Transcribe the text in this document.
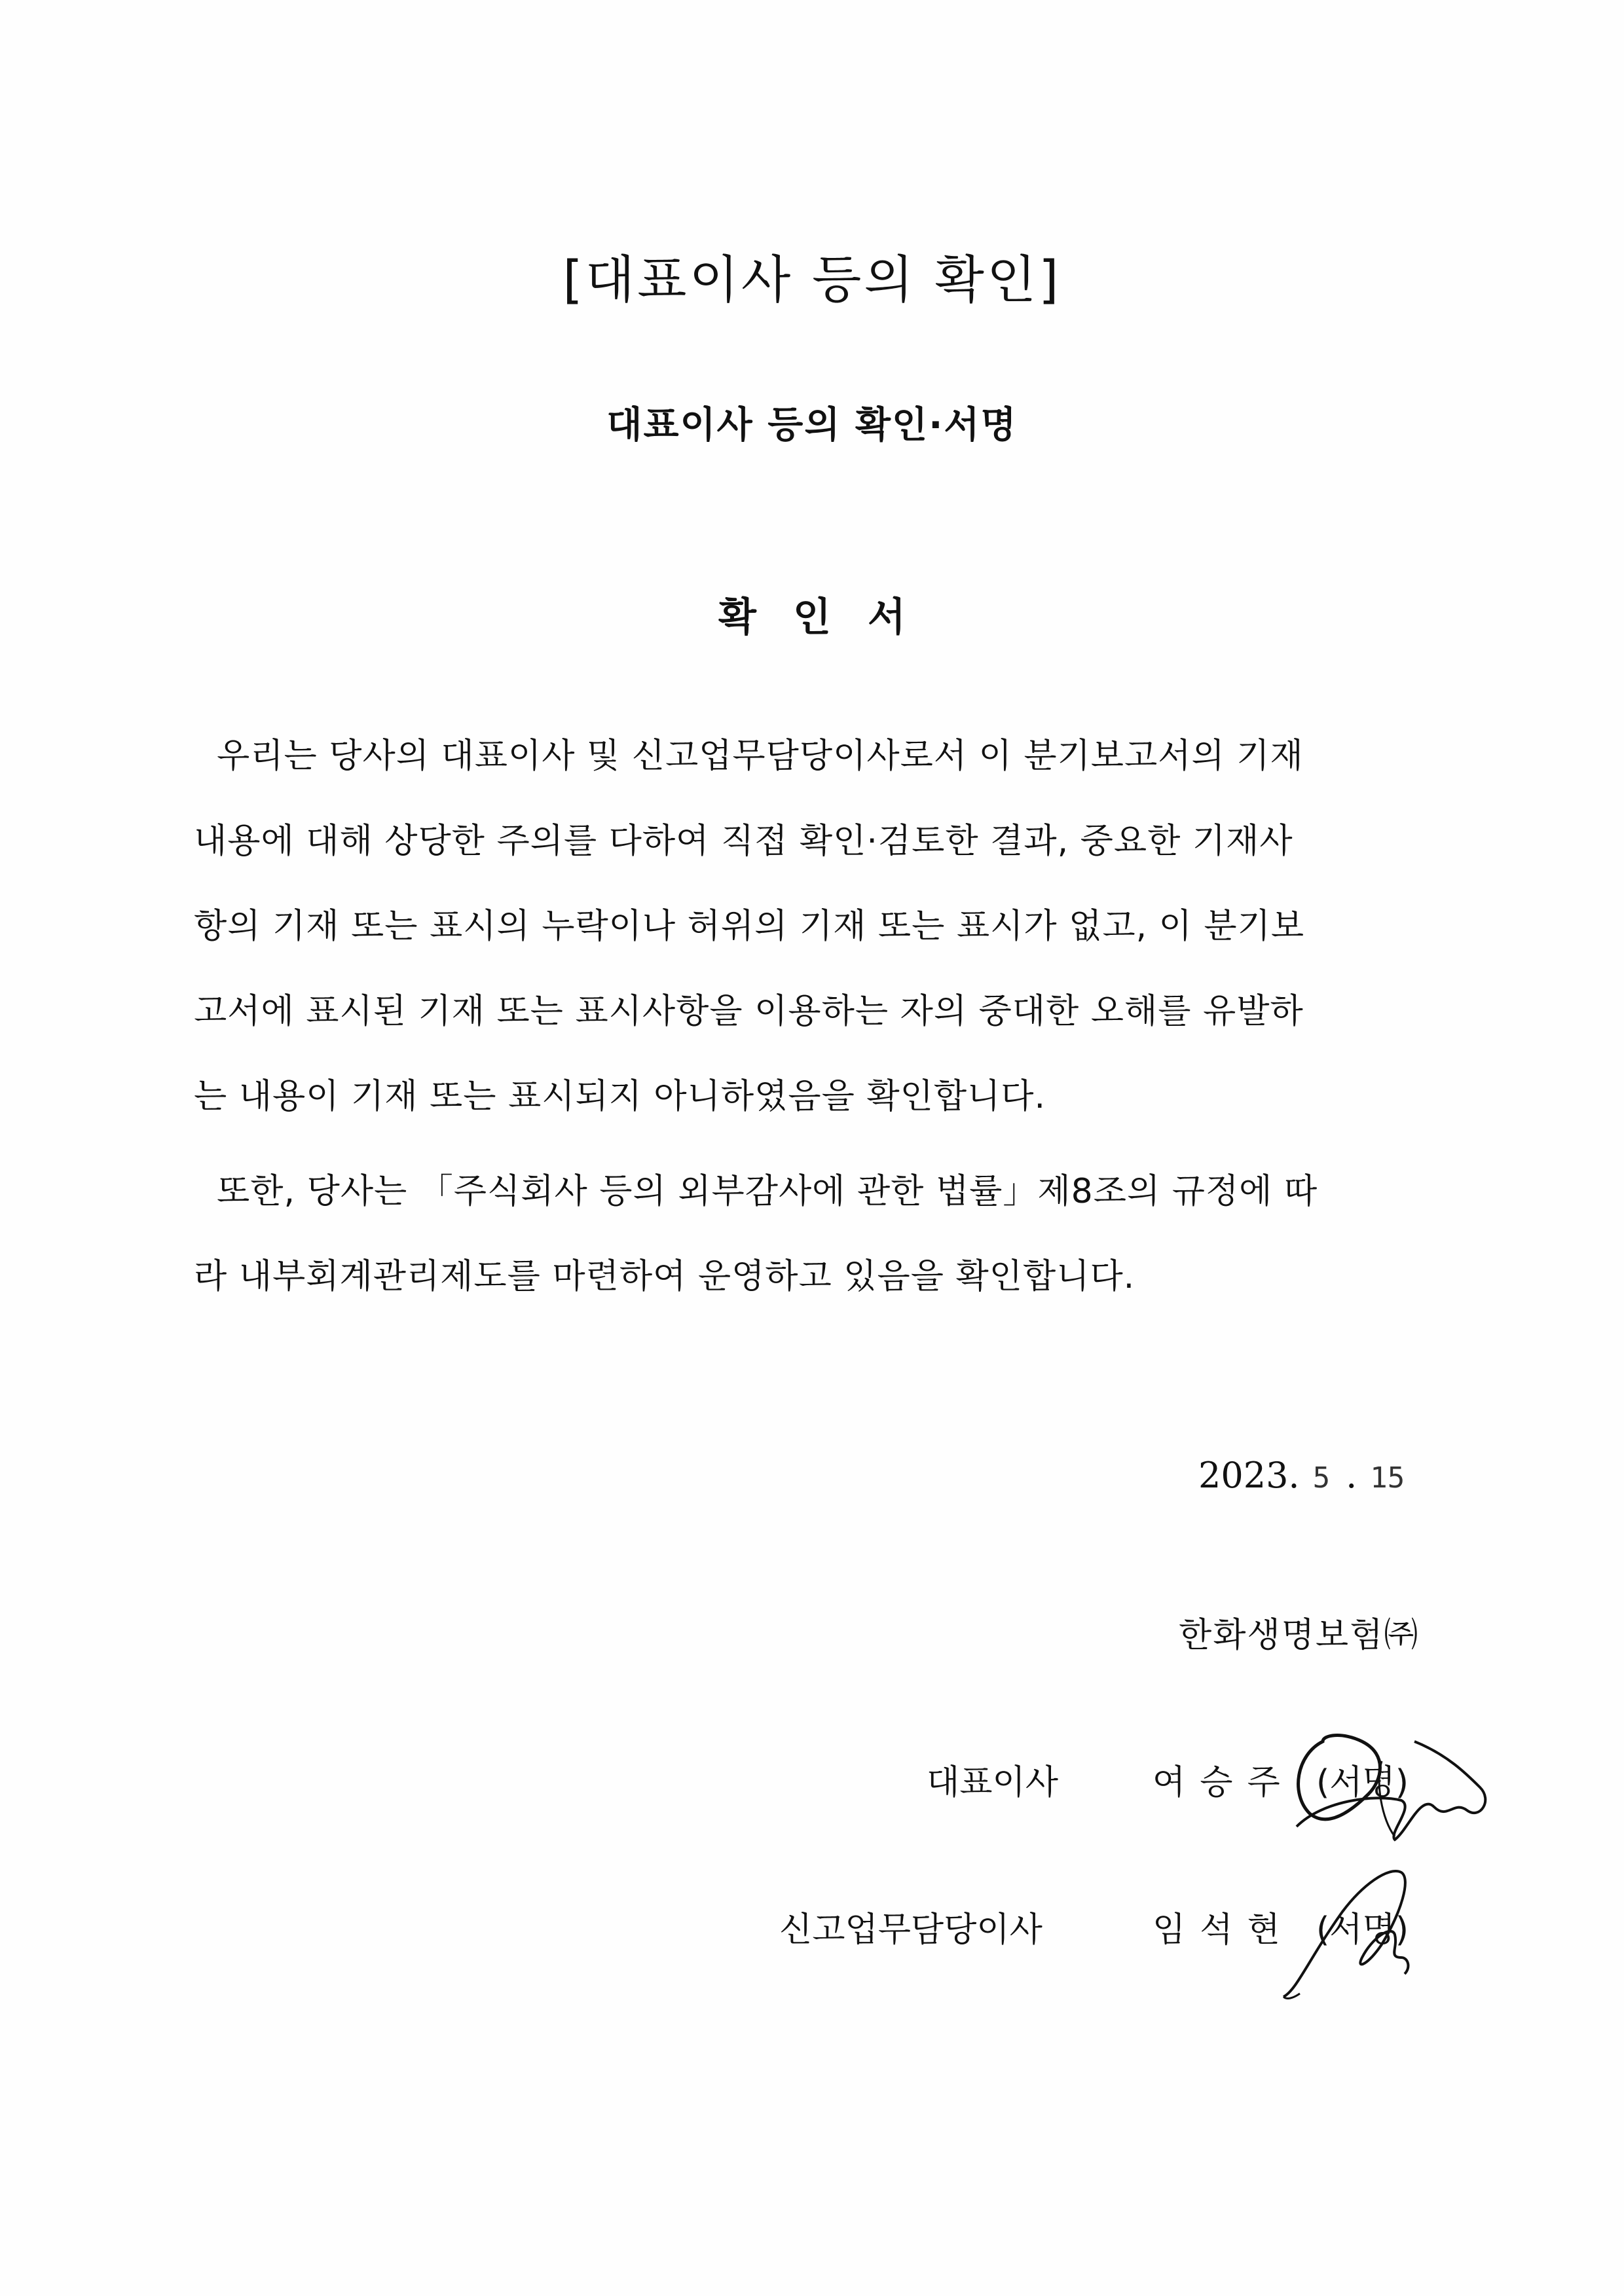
[대표이사 등의 확인]
대표이사 등의 확인·서명
확인서
우리는 당사의 대표이사 및 신고업무담당이사로서 이 분기보고서의 기재
내용에 대해 상당한 주의를 다하여 직접 확인·검토한 결과, 중요한 기재사
항의 기재 또는 표시의 누락이나 허위의 기재 또는 표시가 없고, 이 분기보
고서에 표시된 기재 또는 표시사항을 이용하는 자의 중대한 오해를 유발하
는 내용이 기재 또는 표시되지 아니하였음을 확인합니다.
또한, 당사는 「주식회사 등의 외부감사에 관한 법률」제8조의 규정에 따
라 내부회계관리제도를 마련하여 운영하고 있음을 확인합니다.
2023. 5 . 15
한화생명보험㈜
대표이사	여승주 (서명)
신고업무담당이사	임석현 (서명)
